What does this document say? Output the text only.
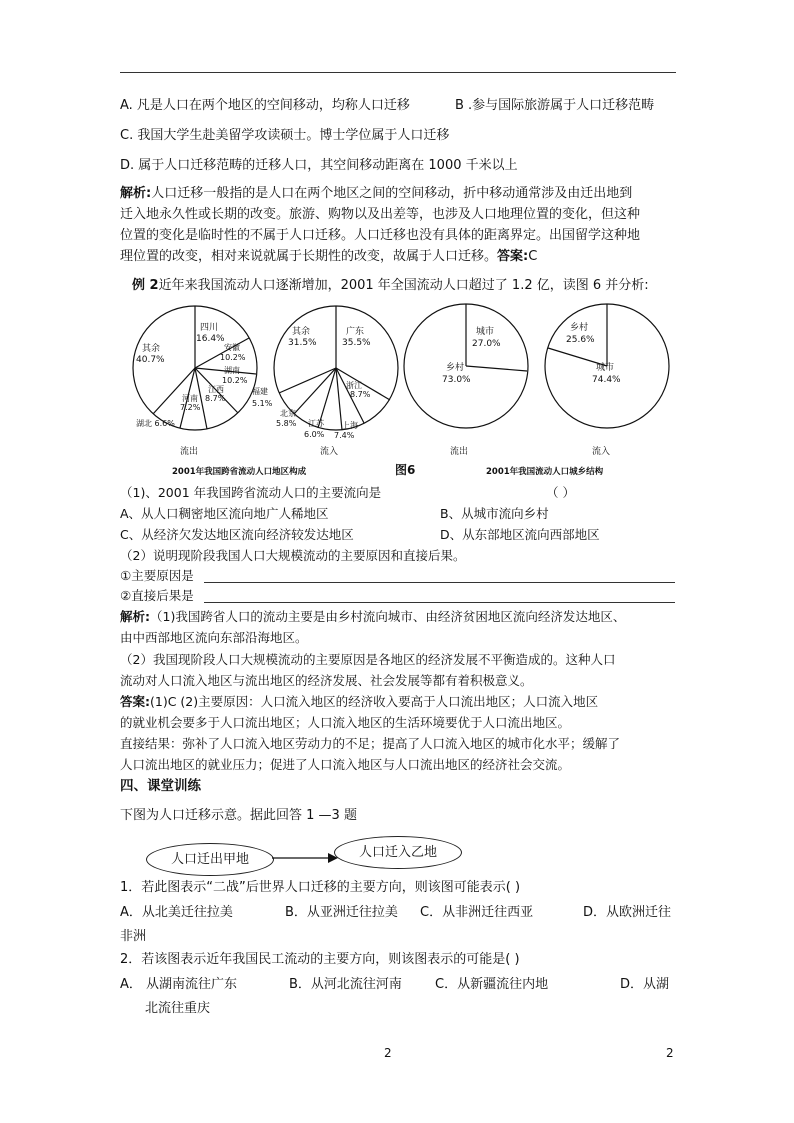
A. 凡是人口在两个地区的空间移动，均称人口迁移	B .参与国际旅游属于人口迁移范畴
C. 我国大学生赴美留学攻读硕士。博士学位属于人口迁移
D. 属于人口迁移范畴的迁移人口，其空间移动距离在 1000 千米以上
解析:人口迁移一般指的是人口在两个地区之间的空间移动，折中移动通常涉及由迁出地到
迁入地永久性或长期的改变。旅游、购物以及出差等，也涉及人口地理位置的变化，但这种
位置的变化是临时性的不属于人口迁移。人口迁移也没有具体的距离界定。出国留学这种地
理位置的改变，相对来说就属于长期性的改变，故属于人口迁移。答案:C
例 2近年来我国流动人口逐渐增加，2001 年全国流动人口超过了 1.2 亿，读图 6 并分析:
四川
16.4%
其余
40.7%
安徽
10.2%
湖南
10.2%
江西
8.7%
河南
7.2%
湖北 6.6%
流出
其余
31.5%
广东
35.5%
浙江
8.7%
上海
7.4%
江苏
6.0%
北京
5.8%
福建
5.1%
流入
城市
27.0%
乡村
73.0%
流出
乡村
25.6%
城市
74.4%
流入
2001年我国跨省流动人口地区构成	图6	2001年我国流动人口城乡结构
（1)、2001 年我国跨省流动人口的主要流向是	（ ）
A、从人口稠密地区流向地广人稀地区	B、从城市流向乡村
C、从经济欠发达地区流向经济较发达地区	D、从东部地区流向西部地区
（2）说明现阶段我国人口大规模流动的主要原因和直接后果。
①主要原因是
②直接后果是
解析:（1)我国跨省人口的流动主要是由乡村流向城市、由经济贫困地区流向经济发达地区、
由中西部地区流向东部沿海地区。
（2）我国现阶段人口大规模流动的主要原因是各地区的经济发展不平衡造成的。这种人口
流动对人口流入地区与流出地区的经济发展、社会发展等都有着积极意义。
答案:(1)C (2)主要原因：人口流入地区的经济收入要高于人口流出地区；人口流入地区
的就业机会要多于人口流出地区；人口流入地区的生活环境要优于人口流出地区。
直接结果：弥补了人口流入地区劳动力的不足；提高了人口流入地区的城市化水平；缓解了
人口流出地区的就业压力；促进了人口流入地区与人口流出地区的经济社会交流。
四、课堂训练
下图为人口迁移示意。据此回答 1 —3 题
人口迁出甲地	人口迁入乙地
1．若此图表示“二战”后世界人口迁移的主要方向，则该图可能表示( )
A．从北美迁往拉美	B．从亚洲迁往拉美 C．从非洲迁往西亚	D．从欧洲迁往
非洲
2．若该图表示近年我国民工流动的主要方向，则该图表示的可能是( )
A． 从湖南流往广东	B．从河北流往河南	C．从新疆流往内地	D．从湖
北流往重庆
2	2
